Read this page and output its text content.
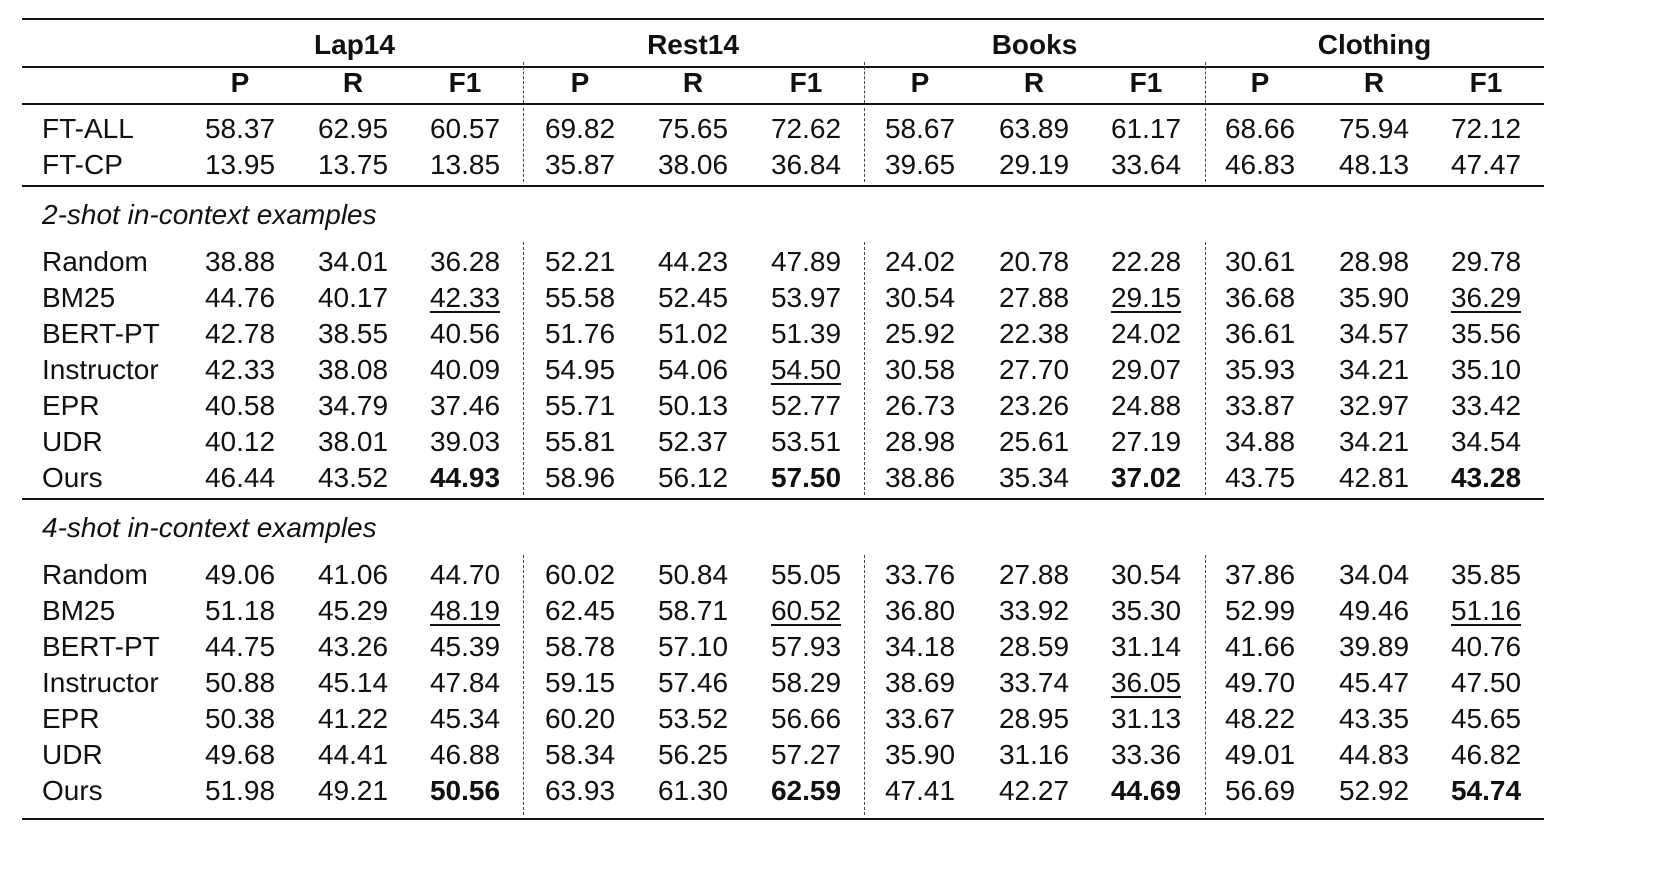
Lap14	Rest14	Books	Clothing
P	R	F1	P	R	F1	P	R	F1	P	R	F1
FT-ALL	58.37	62.95	60.57	69.82	75.65	72.62	58.67	63.89	61.17	68.66	75.94	72.12
FT-CP	13.95	13.75	13.85	35.87	38.06	36.84	39.65	29.19	33.64	46.83	48.13	47.47
2-shot in-context examples
Random	38.88	34.01	36.28	52.21	44.23	47.89	24.02	20.78	22.28	30.61	28.98	29.78
BM25	44.76	40.17	42.33	55.58	52.45	53.97	30.54	27.88	29.15	36.68	35.90	36.29
BERT-PT	42.78	38.55	40.56	51.76	51.02	51.39	25.92	22.38	24.02	36.61	34.57	35.56
Instructor	42.33	38.08	40.09	54.95	54.06	54.50	30.58	27.70	29.07	35.93	34.21	35.10
EPR	40.58	34.79	37.46	55.71	50.13	52.77	26.73	23.26	24.88	33.87	32.97	33.42
UDR	40.12	38.01	39.03	55.81	52.37	53.51	28.98	25.61	27.19	34.88	34.21	34.54
Ours	46.44	43.52	44.93	58.96	56.12	57.50	38.86	35.34	37.02	43.75	42.81	43.28
4-shot in-context examples
Random	49.06	41.06	44.70	60.02	50.84	55.05	33.76	27.88	30.54	37.86	34.04	35.85
BM25	51.18	45.29	48.19	62.45	58.71	60.52	36.80	33.92	35.30	52.99	49.46	51.16
BERT-PT	44.75	43.26	45.39	58.78	57.10	57.93	34.18	28.59	31.14	41.66	39.89	40.76
Instructor	50.88	45.14	47.84	59.15	57.46	58.29	38.69	33.74	36.05	49.70	45.47	47.50
EPR	50.38	41.22	45.34	60.20	53.52	56.66	33.67	28.95	31.13	48.22	43.35	45.65
UDR	49.68	44.41	46.88	58.34	56.25	57.27	35.90	31.16	33.36	49.01	44.83	46.82
Ours	51.98	49.21	50.56	63.93	61.30	62.59	47.41	42.27	44.69	56.69	52.92	54.74
